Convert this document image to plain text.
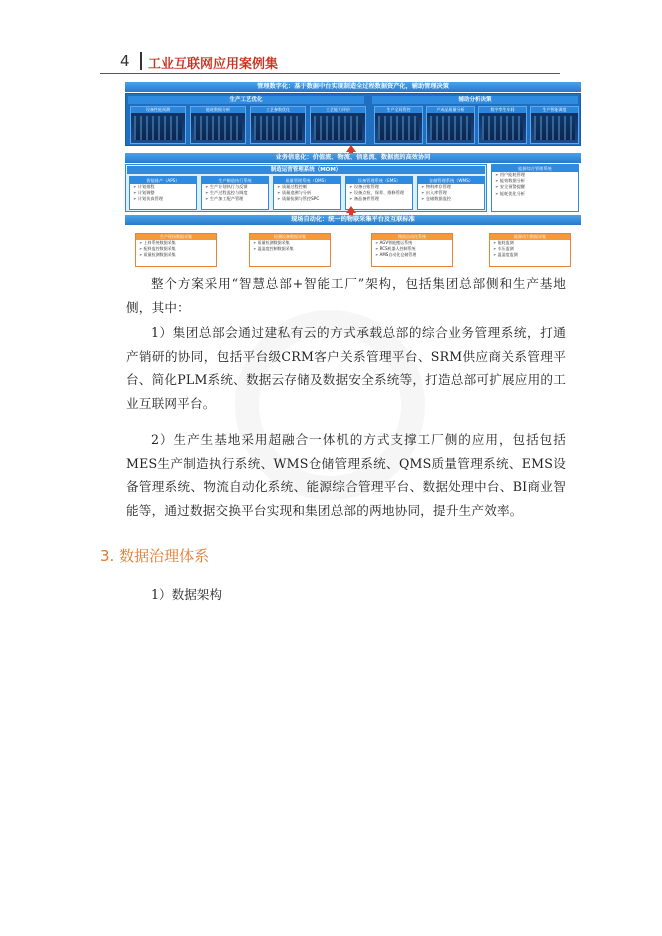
4 工业互联网应用案例集
管理数字化：基于数据中台实现制造全过程数据资产化，辅助管理决策
生产工艺优化	辅助分析决策
设备性能预测	能耗数据分析	工艺参数优化	工艺能力评价	生产全局管控	产成品质量分析	数字孪生车间	生产智能调度
业务信息化：价值流、物流、信息流、数据流的高效协同
制造运营管理系统（MOM）
智能排产（APS）
➢ 计划排程
➢ 计划调整
➢ 计划仿真管理
生产制造执行系统
➢ 生产计划执行与反馈
➢ 生产过程监控与调度
➢ 生产加工配产管理
质量管理系统（QMS）
➢ 质量过程控制
➢ 质量追溯与分析
➢ 质量检测与管控SPC
设备管理系统（EMS）
➢ 设备台账管理
➢ 设备点检、保养、维修管理
➢ 备品备件管理
仓储管理系统（WMS）
➢ 物料库存管理
➢ 出入库管理
➢ 仓储数据监控
能源综合管理系统
➢ 用户能耗管理
➢ 能效数据分析
➢ 安全预警提醒
➢ 能耗优化分析
现场自动化：统一的物联采集平台及互联标准
生产现场数据采集
➢ 上料系统数据采集
➢ 配料监控数据采集
➢ 质量检测数据采集
检测设备数据采集
➢ 质量检测数据采集
➢ 温湿度控制数据采集
物流自动化系统
➢ AGV智能搬运系统
➢ RCS机器人控制系统
➢ AMS自动化仓储管理
能源动力数据采集
➢ 能耗监测
➢ 水压监测
➢ 温湿度监测

整个方案采用“智慧总部+智能工厂”架构，包括集团总部侧和生产基地侧，其中：

1）集团总部会通过建私有云的方式承载总部的综合业务管理系统，打通产销研的协同，包括平台级CRM客户关系管理平台、SRM供应商关系管理平台、简化PLM系统、数据云存储及数据安全系统等，打造总部可扩展应用的工业互联网平台。

2）生产生基地采用超融合一体机的方式支撑工厂侧的应用，包括包括MES生产制造执行系统、WMS仓储管理系统、QMS质量管理系统、EMS设备管理系统、物流自动化系统、能源综合管理平台、数据处理中台、BI商业智能等，通过数据交换平台实现和集团总部的两地协同，提升生产效率。

3. 数据治理体系
1）数据架构
